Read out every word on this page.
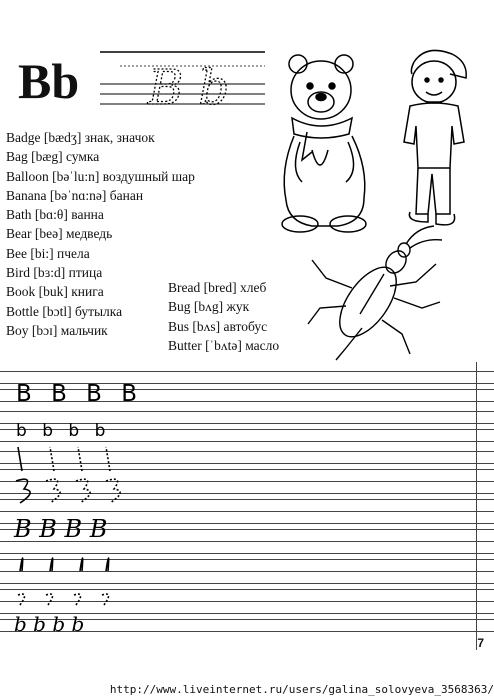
Bb B b
Badge [bædʒ] знак, значок
Bag [bæg] сумка
Balloon [bəˈlu:n] воздушный шар
Banana [bəˈnɑ:nə] банан
Bath [bɑ:θ] ванна
Bear [beə] медведь
Bee [bi:] пчела
Bird [bɜ:d] птица
Book [buk] книга
Bottle [bɔtl] бутылка
Boy [bɔɪ] мальчик
Bread [bred] хлеб
Bug [bʌg] жук
Bus [bʌs] автобус
Butter [ˈbʌtə] масло
B B B B
b b b b
B B B B
b b b b
7
http://www.liveinternet.ru/users/galina_solovyeva_3568363/
